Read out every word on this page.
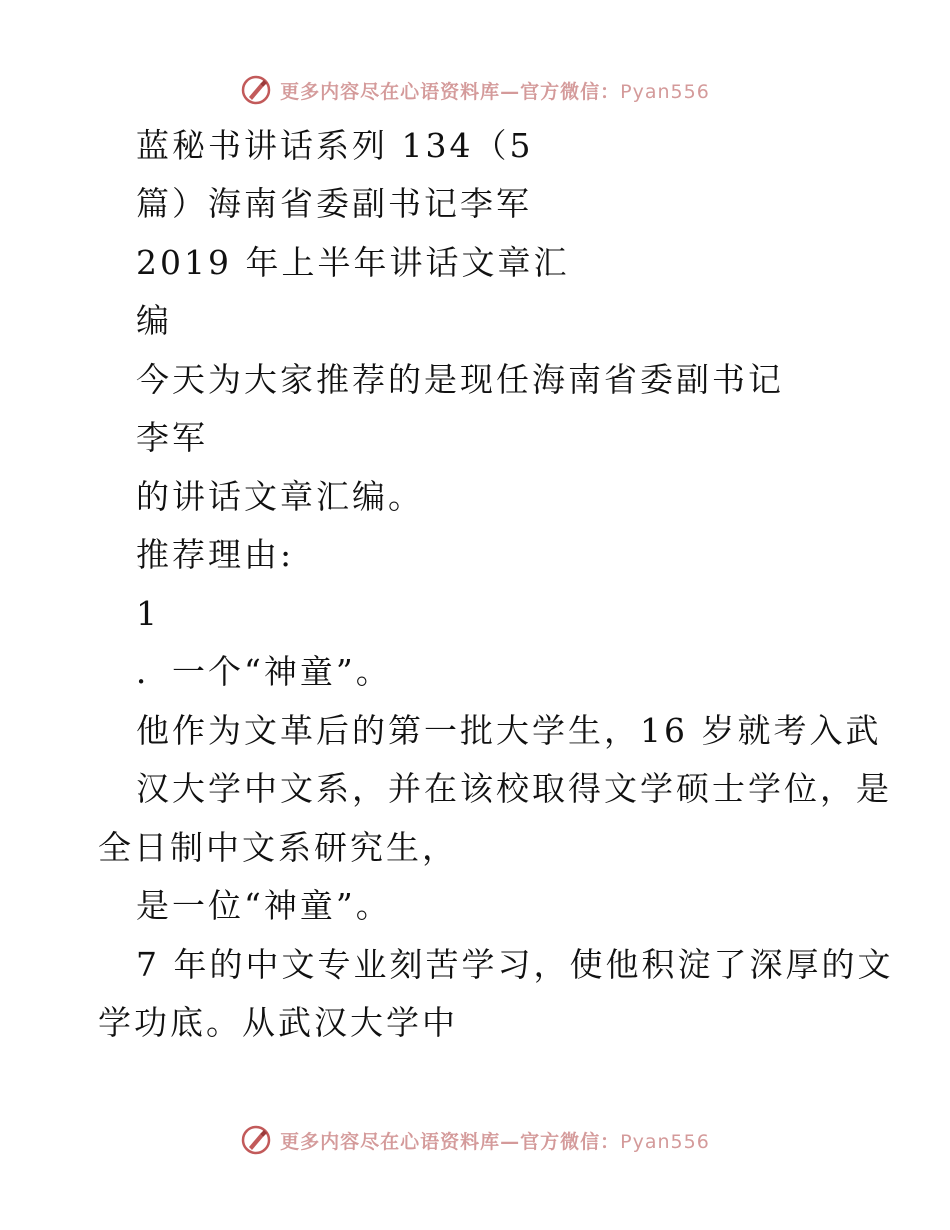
更多内容尽在心语资料库—官方微信：Pyan556
蓝秘书讲话系列 134（5
篇）海南省委副书记李军
2019 年上半年讲话文章汇
编
今天为大家推荐的是现任海南省委副书记
李军
的讲话文章汇编。
推荐理由:
1
．一个“神童”。
他作为文革后的第一批大学生，16 岁就考入武
汉大学中文系，并在该校取得文学硕士学位，是
全日制中文系研究生，
是一位“神童”。
7 年的中文专业刻苦学习，使他积淀了深厚的文
学功底。从武汉大学中
更多内容尽在心语资料库—官方微信：Pyan556
